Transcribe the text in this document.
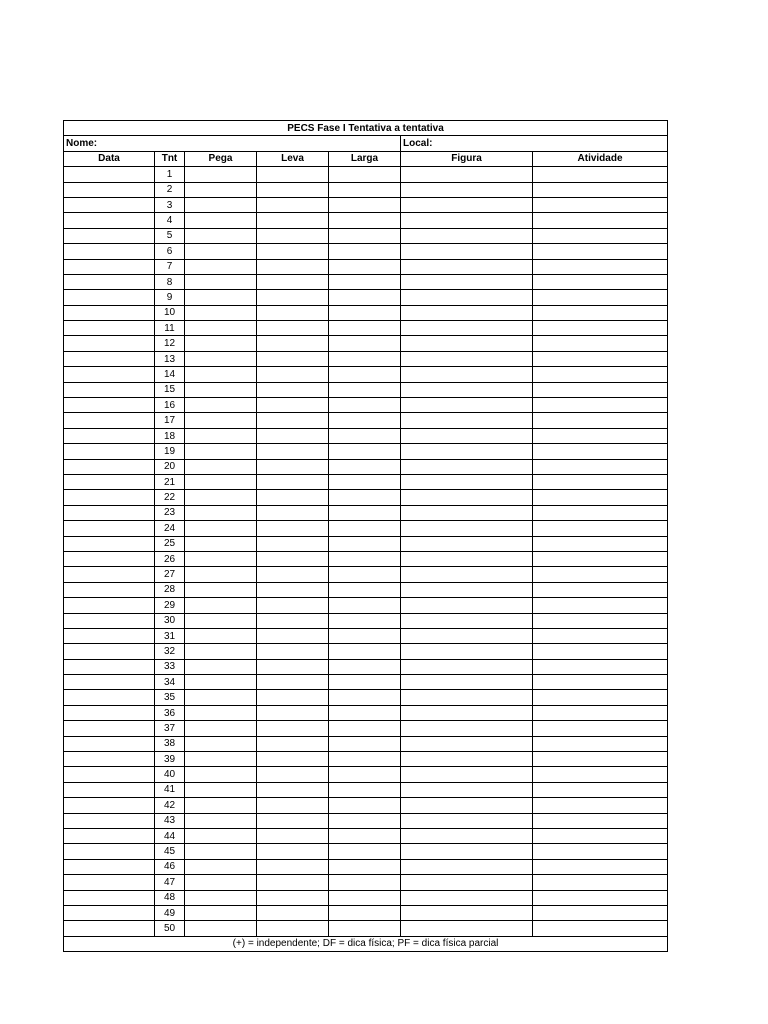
PECS Fase I Tentativa a tentativa						
Nome:					Local:	
Data	Tnt	Pega	Leva	Larga	Figura	Atividade
	1					
	2					
	3					
	4					
	5					
	6					
	7					
	8					
	9					
	10					
	11					
	12					
	13					
	14					
	15					
	16					
	17					
	18					
	19					
	20					
	21					
	22					
	23					
	24					
	25					
	26					
	27					
	28					
	29					
	30					
	31					
	32					
	33					
	34					
	35					
	36					
	37					
	38					
	39					
	40					
	41					
	42					
	43					
	44					
	45					
	46					
	47					
	48					
	49					
	50					
(+) = independente; DF = dica física; PF = dica física parcial						
